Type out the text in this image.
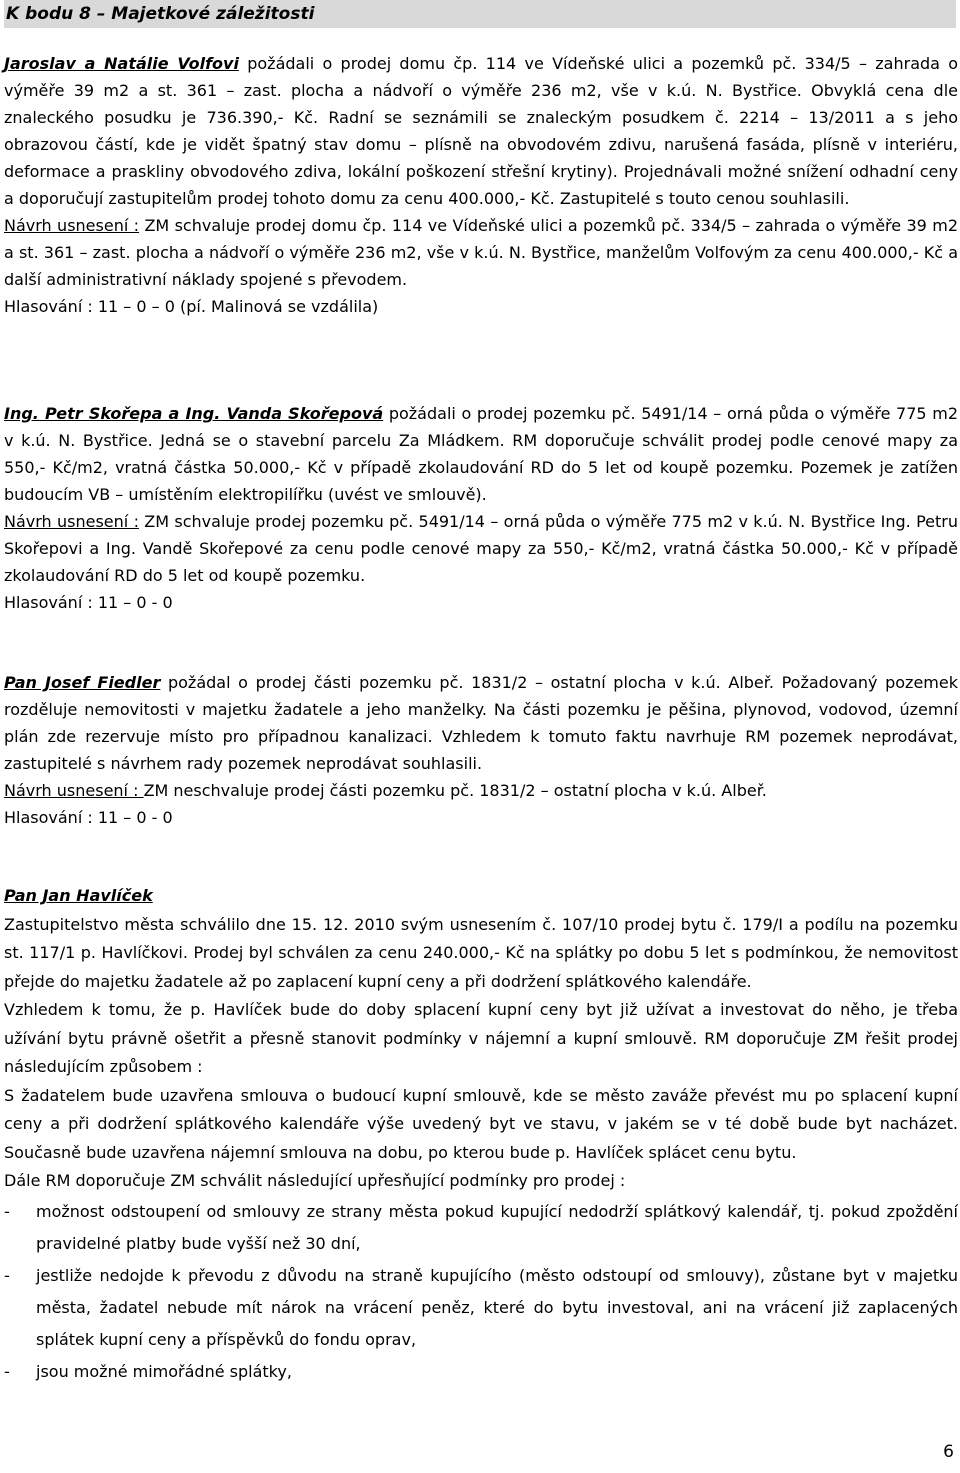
K bodu 8 – Majetkové záležitosti

Jaroslav a Natálie Volfovi požádali o prodej domu čp. 114 ve Vídeňské ulici a pozemků pč. 334/5 – zahrada o výměře 39 m2 a st. 361 – zast. plocha a nádvoří o výměře 236 m2, vše v k.ú. N. Bystřice. Obvyklá cena dle znaleckého posudku je 736.390,- Kč. Radní se seznámili se znaleckým posudkem č. 2214 – 13/2011 a s jeho obrazovou částí, kde je vidět špatný stav domu – plísně na obvodovém zdivu, narušená fasáda, plísně v interiéru, deformace a praskliny obvodového zdiva, lokální poškození střešní krytiny). Projednávali možné snížení odhadní ceny a doporučují zastupitelům prodej tohoto domu za cenu 400.000,- Kč. Zastupitelé s touto cenou souhlasili.

Návrh usnesení : ZM schvaluje prodej domu čp. 114 ve Vídeňské ulici a pozemků pč. 334/5 – zahrada o výměře 39 m2 a st. 361 – zast. plocha a nádvoří o výměře 236 m2, vše v k.ú. N. Bystřice, manželům Volfovým za cenu 400.000,- Kč a další administrativní náklady spojené s převodem.

Hlasování : 11 – 0 – 0 (pí. Malinová se vzdálila)

Ing. Petr Skořepa a Ing. Vanda Skořepová požádali o prodej pozemku pč. 5491/14 – orná půda o výměře 775 m2 v k.ú. N. Bystřice. Jedná se o stavební parcelu Za Mládkem. RM doporučuje schválit prodej podle cenové mapy za 550,- Kč/m2, vratná částka 50.000,- Kč v případě zkolaudování RD do 5 let od koupě pozemku. Pozemek je zatížen budoucím VB – umístěním elektropilířku (uvést ve smlouvě).

Návrh usnesení : ZM schvaluje prodej pozemku pč. 5491/14 – orná půda o výměře 775 m2 v k.ú. N. Bystřice Ing. Petru Skořepovi a Ing. Vandě Skořepové za cenu podle cenové mapy za 550,- Kč/m2, vratná částka 50.000,- Kč v případě zkolaudování RD do 5 let od koupě pozemku.

Hlasování : 11 – 0 - 0

Pan Josef Fiedler požádal o prodej části pozemku pč. 1831/2 – ostatní plocha v k.ú. Albeř. Požadovaný pozemek rozděluje nemovitosti v majetku žadatele a jeho manželky. Na části pozemku je pěšina, plynovod, vodovod, územní plán zde rezervuje místo pro případnou kanalizaci. Vzhledem k tomuto faktu navrhuje RM pozemek neprodávat, zastupitelé s návrhem rady pozemek neprodávat souhlasili.

Návrh usnesení : ZM neschvaluje prodej části pozemku pč. 1831/2 – ostatní plocha v k.ú. Albeř.

Hlasování : 11 – 0 - 0

Pan Jan Havlíček

Zastupitelstvo města schválilo dne 15. 12. 2010 svým usnesením č. 107/10 prodej bytu č. 179/I a podílu na pozemku st. 117/1 p. Havlíčkovi. Prodej byl schválen za cenu 240.000,- Kč na splátky po dobu 5 let s podmínkou, že nemovitost přejde do majetku žadatele až po zaplacení kupní ceny a při dodržení splátkového kalendáře.

Vzhledem k tomu, že p. Havlíček bude do doby splacení kupní ceny byt již užívat a investovat do něho, je třeba užívání bytu právně ošetřit a přesně stanovit podmínky v nájemní a kupní smlouvě. RM doporučuje ZM řešit prodej následujícím způsobem :

S žadatelem bude uzavřena smlouva o budoucí kupní smlouvě, kde se město zaváže převést mu po splacení kupní ceny a při dodržení splátkového kalendáře výše uvedený byt ve stavu, v jakém se v té době bude byt nacházet. Současně bude uzavřena nájemní smlouva na dobu, po kterou bude p. Havlíček splácet cenu bytu.

Dále RM doporučuje ZM schválit následující upřesňující podmínky pro prodej :

-	možnost odstoupení od smlouvy ze strany města pokud kupující nedodrží splátkový kalendář, tj. pokud zpoždění pravidelné platby bude vyšší než 30 dní,
-	jestliže nedojde k převodu z důvodu na straně kupujícího (město odstoupí od smlouvy), zůstane byt v majetku města, žadatel nebude mít nárok na vrácení peněz, které do bytu investoval, ani na vrácení již zaplacených splátek kupní ceny a příspěvků do fondu oprav,
-	jsou možné mimořádné splátky,
6
